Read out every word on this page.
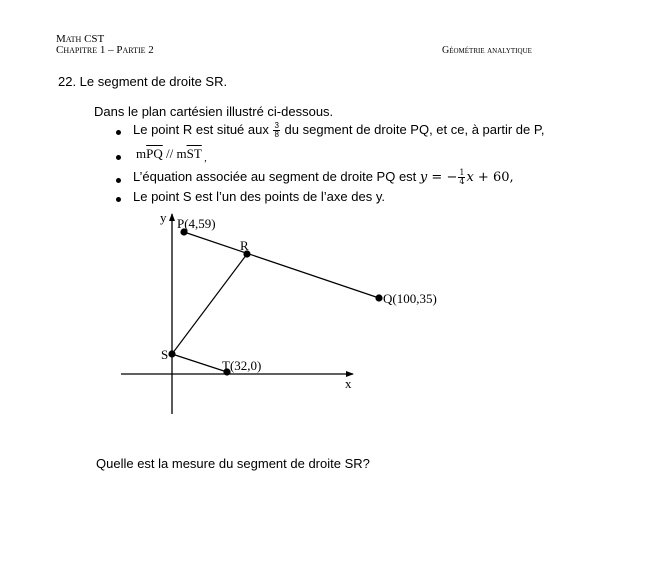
Math CST
Chapitre 1 – Partie 2	Géométrie analytique
22. Le segment de droite SR.
Dans le plan cartésien illustré ci-dessous.
Le point R est situé aux $\frac{3}{8}$ du segment de droite PQ, et ce, à partir de P,
$m\overline{PQ} // m\overline{ST}$ $_,$
L’équation associée au segment de droite PQ est y = − $\frac{1}{4}$ x + 60,
Le point S est l’un des points de l’axe des y.
y
x
P(4,59)
R
Q(100,35)
S
T(32,0)
Quelle est la mesure du segment de droite SR?
